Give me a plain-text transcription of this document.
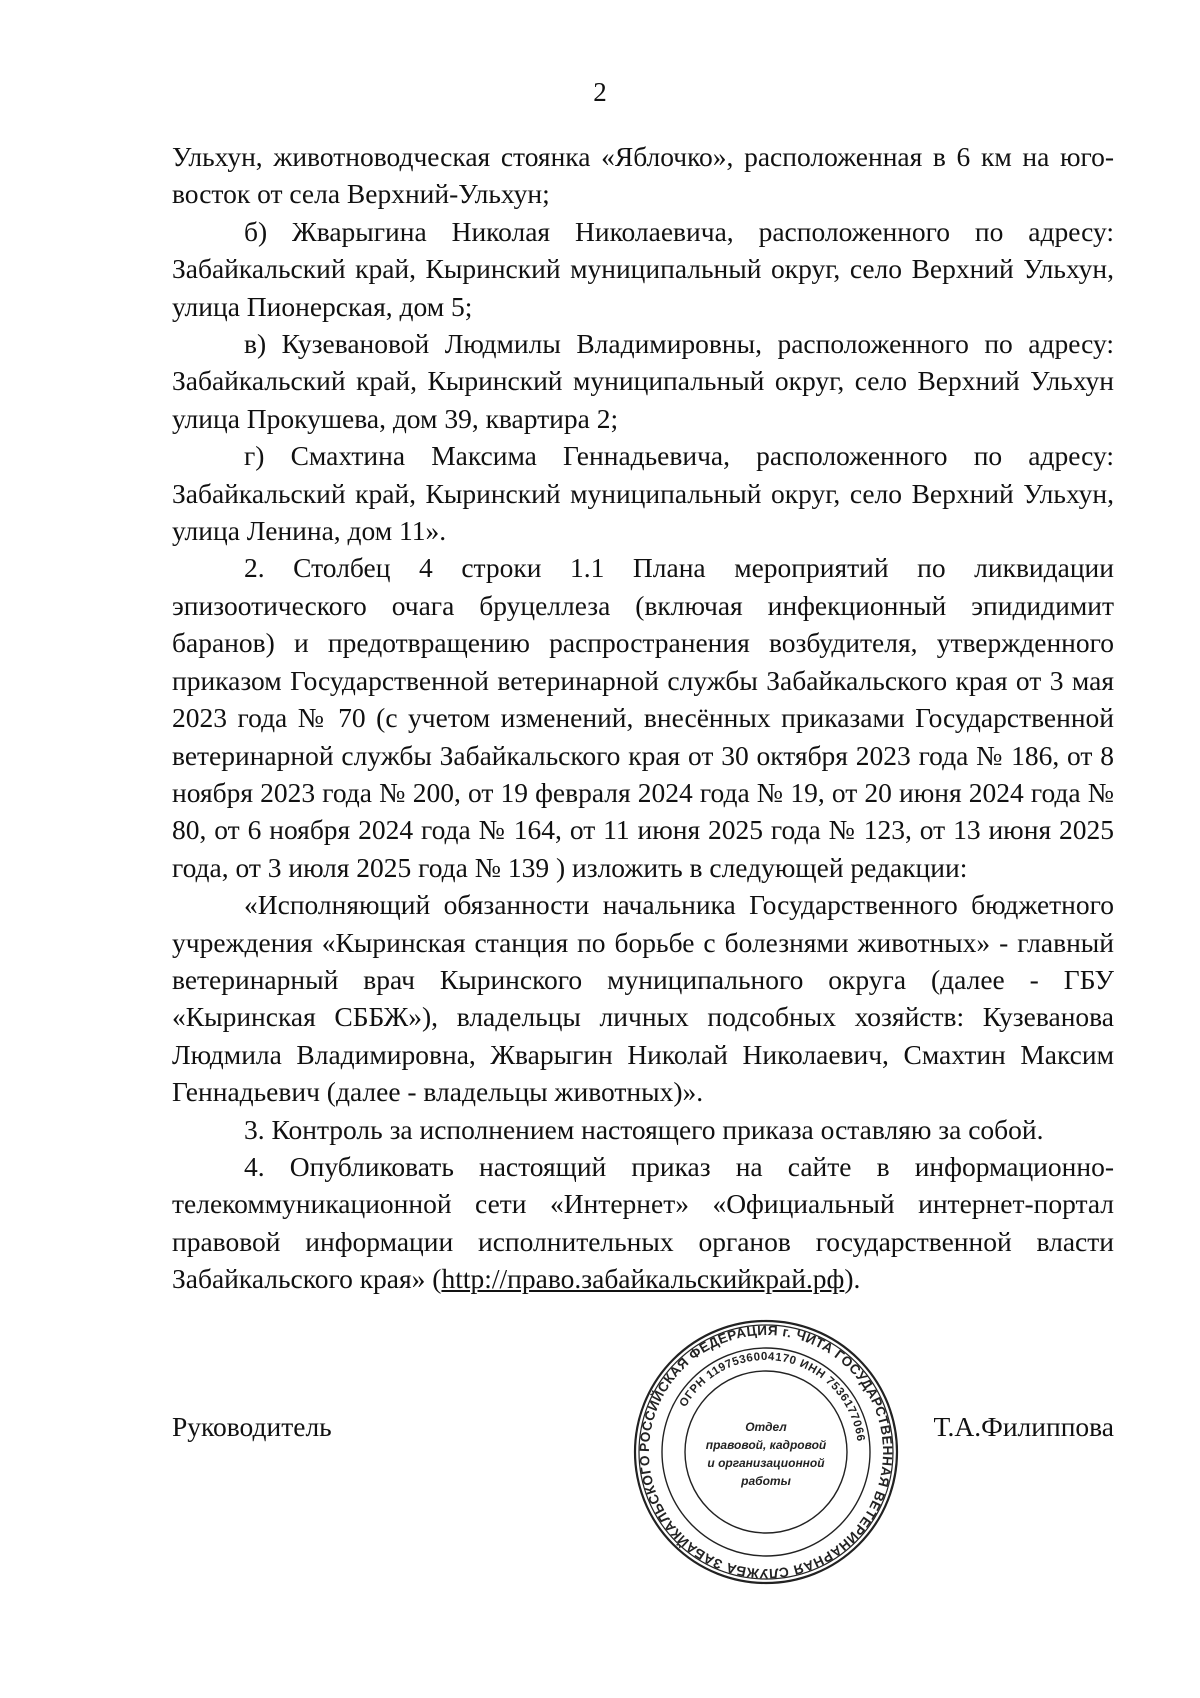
2

Ульхун, животноводческая стоянка «Яблочко», расположенная в 6 км на юго-восток от села Верхний-Ульхун;

б) Жварыгина Николая Николаевича, расположенного по адресу: Забайкальский край, Кыринский муниципальный округ, село Верхний Ульхун, улица Пионерская, дом 5;

в) Кузевановой Людмилы Владимировны, расположенного по адресу: Забайкальский край, Кыринский муниципальный округ, село Верхний Ульхун улица Прокушева, дом 39, квартира 2;

г) Смахтина Максима Геннадьевича, расположенного по адресу: Забайкальский край, Кыринский муниципальный округ, село Верхний Ульхун, улица Ленина, дом 11».

2. Столбец 4 строки 1.1 Плана мероприятий по ликвидации эпизоотического очага бруцеллеза (включая инфекционный эпидидимит баранов) и предотвращению распространения возбудителя, утвержденного приказом Государственной ветеринарной службы Забайкальского края от 3 мая 2023 года № 70 (с учетом изменений, внесённых приказами Государственной ветеринарной службы Забайкальского края от 30 октября 2023 года № 186, от 8 ноября 2023 года № 200, от 19 февраля 2024 года № 19, от 20 июня 2024 года № 80, от 6 ноября 2024 года № 164, от 11 июня 2025 года № 123, от 13 июня 2025 года, от 3 июля 2025 года № 139 ) изложить в следующей редакции:

«Исполняющий обязанности начальника Государственного бюджетного учреждения «Кыринская станция по борьбе с болезнями животных» - главный ветеринарный врач Кыринского муниципального округа (далее - ГБУ «Кыринская СББЖ»), владельцы личных подсобных хозяйств: Кузеванова Людмила Владимировна, Жварыгин Николай Николаевич, Смахтин Максим Геннадьевич (далее - владельцы животных)».

3. Контроль за исполнением настоящего приказа оставляю за собой.

4. Опубликовать настоящий приказ на сайте в информационно-телекоммуникационной сети «Интернет» «Официальный интернет-портал правовой информации исполнительных органов государственной власти Забайкальского края» (http://право.забайкальскийкрай.рф).

Руководитель	Т.А.Филиппова
РОССИЙСКАЯ ФЕДЕРАЦИЯ г. ЧИТА ГОСУДАРСТВЕННАЯ ВЕТЕРИНАРНАЯ СЛУЖБА ЗАБАЙКАЛЬСКОГО
ОГРН 1197536004170 ИНН 7536177066
Отдел
правовой, кадровой
и организационной
работы
